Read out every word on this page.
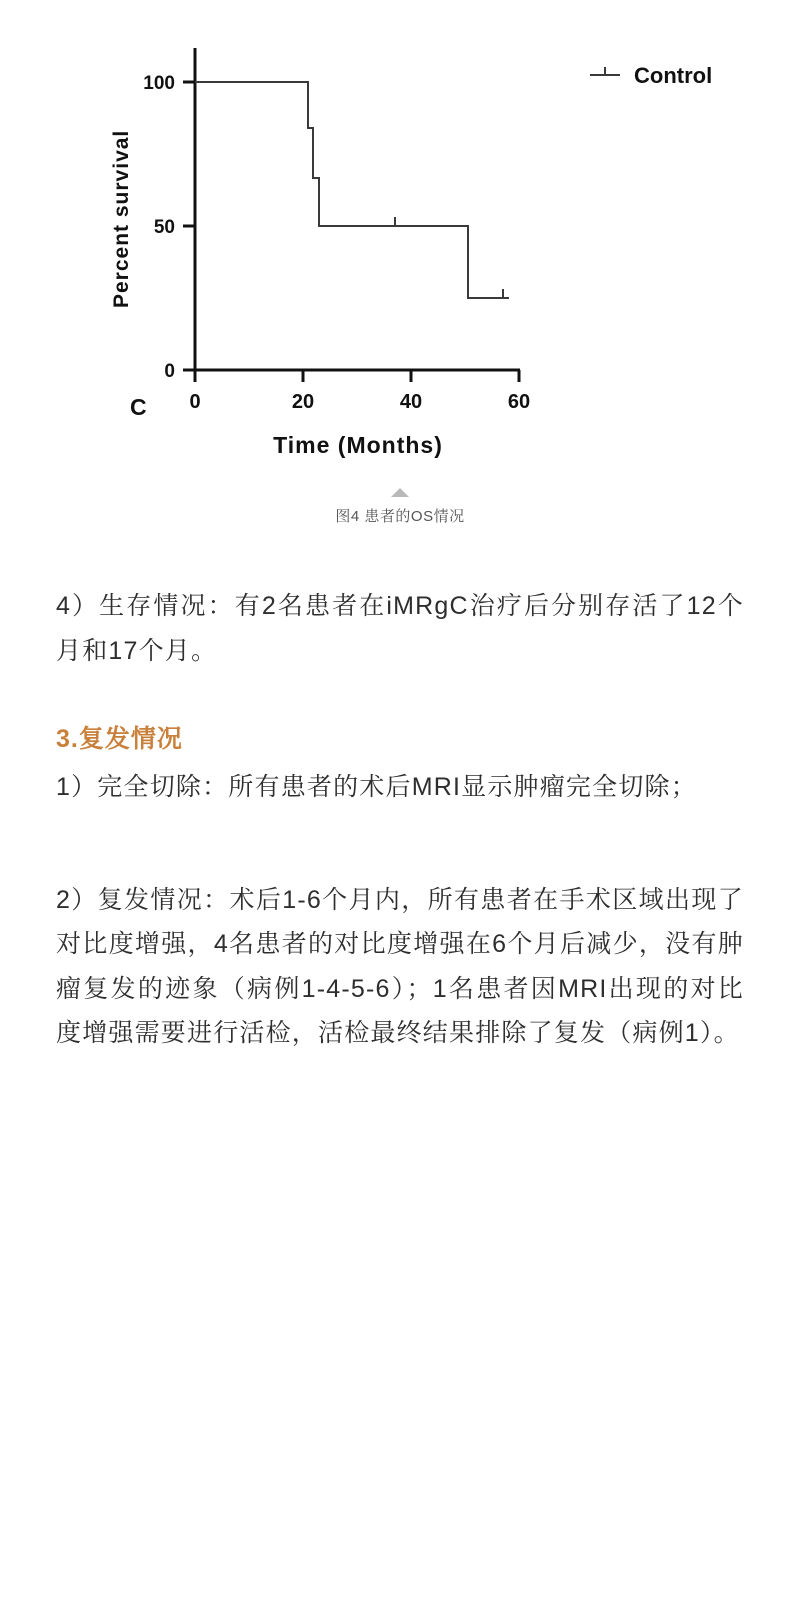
100
50
0
0	20	40	60
Percent survival
Time (Months)
C
Control
图4 患者的OS情况

4）生存情况：有2名患者在iMRgC治疗后分别存活了12个月和17个月。

3.复发情况

1）完全切除：所有患者的术后MRI显示肿瘤完全切除；

2）复发情况：术后1-6个月内，所有患者在手术区域出现了对比度增强，4名患者的对比度增强在6个月后减少，没有肿瘤复发的迹象（病例1-4-5-6）；1名患者因MRI出现的对比度增强需要进行活检，活检最终结果排除了复发（病例1）。
